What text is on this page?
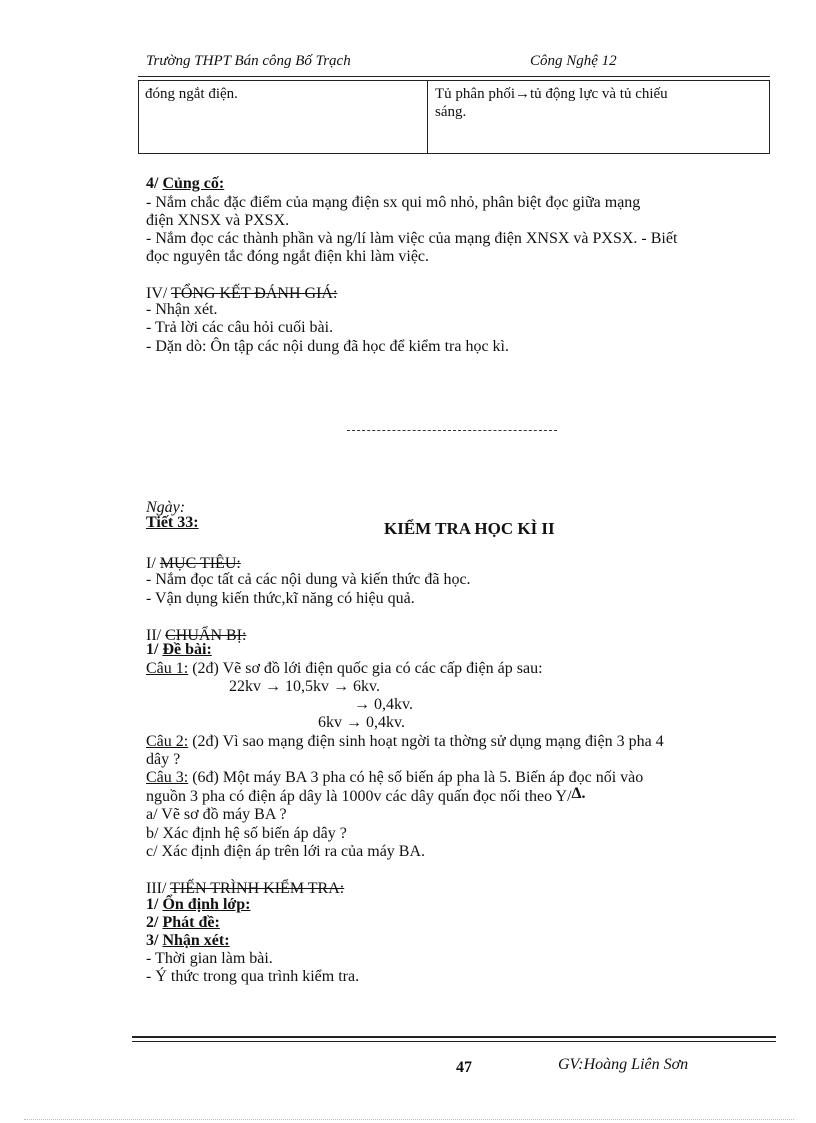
Trường THPT Bán công Bố Trạch	Công Nghệ 12
đóng ngắt điện.	Tủ phân phối→tủ động lực và tủ chiếu
sáng.
4/ Củng cố:
- Nắm chắc đặc điểm của mạng điện sx qui mô nhỏ, phân biệt đọc giữa mạng
điện XNSX và PXSX.
- Nắm đọc các thành phần và ng/lí làm việc của mạng điện XNSX và PXSX. - Biết
đọc nguyên tắc đóng ngắt điện khi làm việc.
IV/ TỔNG KẾT ĐÁNH GIÁ:
- Nhận xét.
- Trả lời các câu hỏi cuối bài.
- Dặn dò: Ôn tập các nội dung đã học để kiểm tra học kì.
Ngày:
Tiết 33:	KIỂM TRA HỌC KÌ II
I/ MỤC TIÊU:
- Nắm đọc tất cả các nội dung và kiến thức đã học.
- Vận dụng kiến thức,kĩ năng có hiệu quả.
II/ CHUẨN BỊ:
1/ Đề bài:
Câu 1: (2đ) Vẽ sơ đồ lới điện quốc gia có các cấp điện áp sau:
22kv → 10,5kv → 6kv.
→ 0,4kv.
6kv → 0,4kv.
Câu 2: (2đ) Vì sao mạng điện sinh hoạt ngời ta thờng sử dụng mạng điện 3 pha 4
dây ?
Câu 3: (6đ) Một máy BA 3 pha có hệ số biến áp pha là 5. Biến áp đọc nối vào
nguồn 3 pha có điện áp dây là 1000v các dây quấn đọc nối theo Y/Δ.
a/ Vẽ sơ đồ máy BA ?
b/ Xác định hệ số biến áp dây ?
c/ Xác định điện áp trên lới ra của máy BA.
III/ TIẾN TRÌNH KIỂM TRA:
1/ Ổn định lớp:
2/ Phát đề:
3/ Nhận xét:
- Thời gian làm bài.
- Ý thức trong qua trình kiểm tra.
47	GV:Hoàng Liên Sơn
